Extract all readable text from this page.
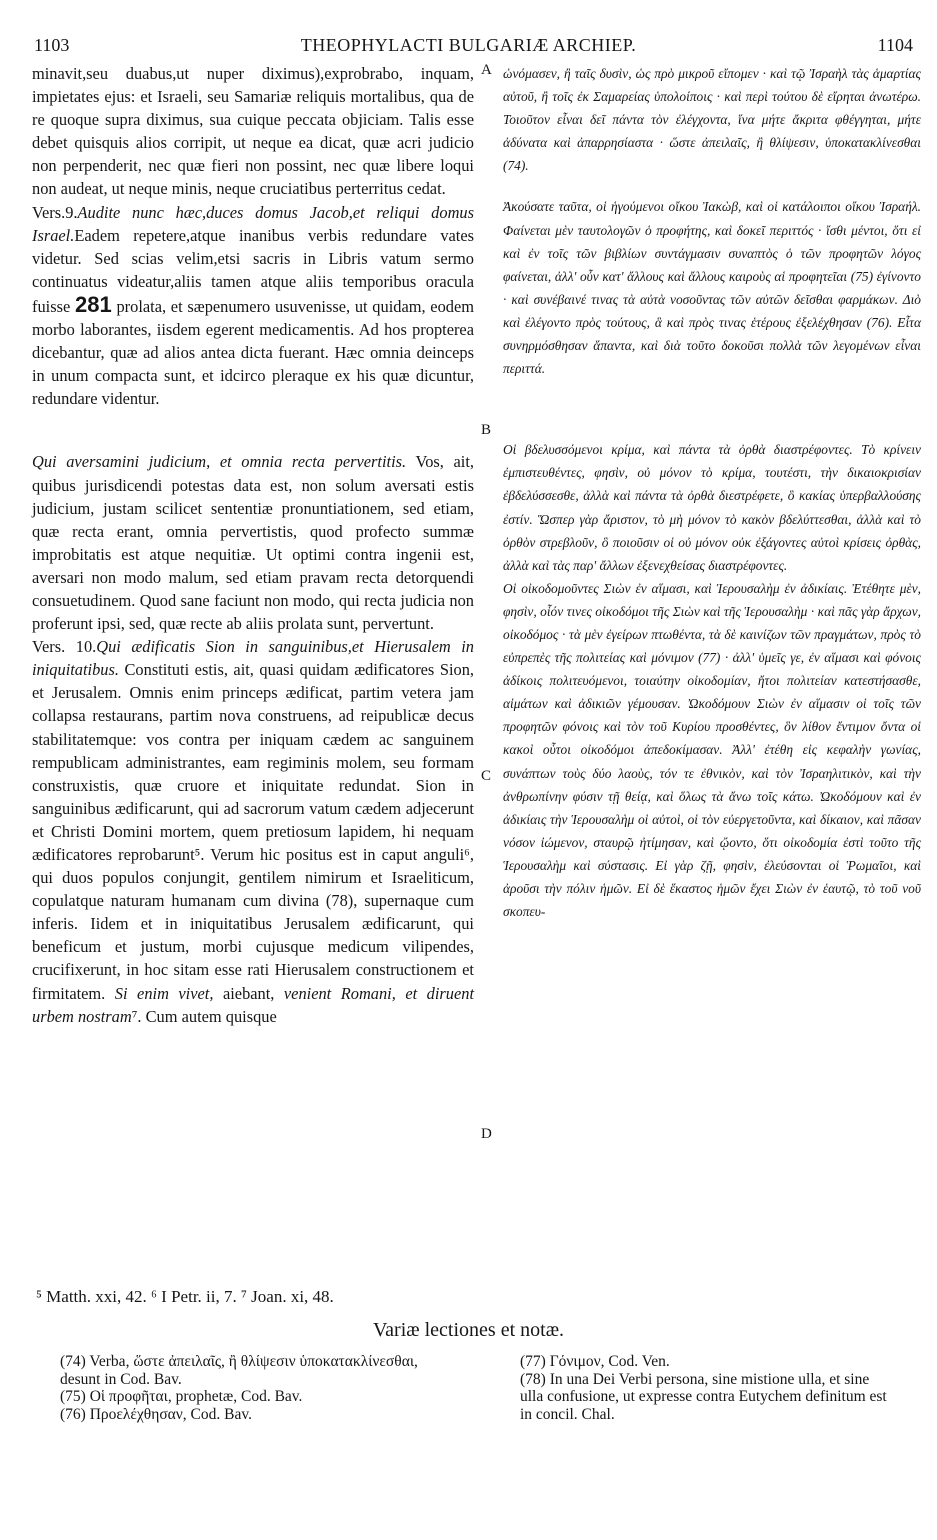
1103	THEOPHYLACTI BULGARIÆ ARCHIEP.	1104

minavit,seu duabus,ut nuper diximus),exprobrabo, inquam, impietates ejus: et Israeli, seu Samariæ reliquis mortalibus, qua de re quoque supra diximus, sua cuique peccata objiciam. Talis esse debet quisquis alios corripit, ut neque ea dicat, quæ acri judicio non perpenderit, nec quæ fieri non possint, nec quæ libere loqui non audeat, ut neque minis, neque cruciatibus perterritus cedat.

Vers.9.Audite nunc hæc,duces domus Jacob,et reliqui domus Israel.Eadem repetere,atque inanibus verbis redundare vates videtur. Sed scias velim,etsi sacris in Libris vatum sermo continuatus videatur,aliis tamen atque aliis temporibus oracula fuisse 281 prolata, et sæpenumero usuvenisse, ut quidam, eodem morbo laborantes, iisdem egerent medicamentis. Ad hos propterea dicebantur, quæ ad alios antea dicta fuerant. Hæc omnia deinceps in unum compacta sunt, et idcirco pleraque ex his quæ dicuntur, redundare videntur.

Qui aversamini judicium, et omnia recta pervertitis. Vos, ait, quibus jurisdicendi potestas data est, non solum aversati estis judicium, justam scilicet sententiæ pronuntiationem, sed etiam, quæ recta erant, omnia pervertistis, quod profecto summæ improbitatis est atque nequitiæ. Ut optimi contra ingenii est, aversari non modo malum, sed etiam pravam recta detorquendi consuetudinem. Quod sane faciunt non modo, qui recta judicia non proferunt ipsi, sed, quæ recte ab aliis prolata sunt, pervertunt.

Vers. 10.Qui ædificatis Sion in sanguinibus,et Hierusalem in iniquitatibus. Constituti estis, ait, quasi quidam ædificatores Sion, et Jerusalem. Omnis enim princeps ædificat, partim vetera jam collapsa restaurans, partim nova construens, ad reipublicæ decus stabilitatemque: vos contra per iniquam cædem ac sanguinem rempublicam administrantes, eam regiminis molem, seu formam construxistis, quæ cruore et iniquitate redundat. Sion in sanguinibus ædificarunt, qui ad sacrorum vatum cædem adjecerunt et Christi Domini mortem, quem pretiosum lapidem, hi nequam ædificatores reprobarunt⁵. Verum hic positus est in caput anguli⁶, qui duos populos conjungit, gentilem nimirum et Israeliticum, copulatque naturam humanam cum divina (78), supernaque cum inferis. Iidem et in iniquitatibus Jerusalem ædificarunt, qui beneficum et justum, morbi cujusque medicum vilipendes, crucifixerunt, in hoc sitam esse rati Hierusalem constructionem et firmitatem. Si enim vivet, aiebant, venient Romani, et diruent urbem nostram⁷. Cum autem quisque

ὠνόμασεν, ἢ ταῖς δυσὶν, ὡς πρὸ μικροῦ εἴπομεν · καὶ τῷ Ἰσραὴλ τὰς ἁμαρτίας αὐτοῦ, ἢ τοῖς ἐκ Σαμαρείας ὑπολοίποις · καὶ περὶ τούτου δὲ εἴρηται ἀνωτέρω. Τοιοῦτον εἶναι δεῖ πάντα τὸν ἐλέγχοντα, ἵνα μήτε ἄκριτα φθέγγηται, μήτε ἀδύνατα καὶ ἀπαρρησίαστα · ὥστε ἀπειλαῖς, ἢ θλίψεσιν, ὑποκατακλίνεσθαι (74).

Ἀκούσατε ταῦτα, οἱ ἡγούμενοι οἴκου Ἰακὼβ, καὶ οἱ κατάλοιποι οἴκου Ἰσραήλ. Φαίνεται μὲν ταυτολογῶν ὁ προφήτης, καὶ δοκεῖ περιττός · ἴσθι μέντοι, ὅτι εἰ καὶ ἐν τοῖς τῶν βιβλίων συντάγμασιν συναπτὸς ὁ τῶν προφητῶν λόγος φαίνεται, ἀλλ' οὖν κατ' ἄλλους καὶ ἄλλους καιροὺς αἱ προφητεῖαι (75) ἐγίνοντο · καὶ συνέβαινέ τινας τὰ αὐτὰ νοσοῦντας τῶν αὐτῶν δεῖσθαι φαρμάκων. Διὸ καὶ ἐλέγοντο πρὸς τούτους, ἃ καὶ πρὸς τινας ἑτέρους ἐξελέχθησαν (76). Εἶτα συνηρμόσθησαν ἅπαντα, καὶ διὰ τοῦτο δοκοῦσι πολλὰ τῶν λεγομένων εἶναι περιττά.

Οἱ βδελυσσόμενοι κρίμα, καὶ πάντα τὰ ὀρθὰ διαστρέφοντες. Τὸ κρίνειν ἐμπιστευθέντες, φησὶν, οὐ μόνον τὸ κρίμα, τουτέστι, τὴν δικαιοκρισίαν ἐβδελύσσεσθε, ἀλλὰ καὶ πάντα τὰ ὀρθὰ διεστρέφετε, ὃ κακίας ὑπερβαλλούσης ἐστίν. Ὥσπερ γὰρ ἄριστον, τὸ μὴ μόνον τὸ κακὸν βδελύττεσθαι, ἀλλὰ καὶ τὸ ὀρθὸν στρεβλοῦν, ὃ ποιοῦσιν οἱ οὐ μόνον οὐκ ἐξάγοντες αὐτοὶ κρίσεις ὀρθὰς, ἀλλὰ καὶ τὰς παρ' ἄλλων ἐξενεχθείσας διαστρέφοντες.

Οἱ οἰκοδομοῦντες Σιὼν ἐν αἵμασι, καὶ Ἱερουσαλὴμ ἐν ἀδικίαις. Ἐτέθητε μὲν, φησὶν, οἷόν τινες οἰκοδόμοι τῆς Σιὼν καὶ τῆς Ἱερουσαλὴμ · καὶ πᾶς γὰρ ἄρχων, οἰκοδόμος · τὰ μὲν ἐγείρων πτωθέντα, τὰ δὲ καινίζων τῶν πραγμάτων, πρὸς τὸ εὐπρεπὲς τῆς πολιτείας καὶ μόνιμον (77) · ἀλλ' ὑμεῖς γε, ἐν αἵμασι καὶ φόνοις ἀδίκοις πολιτευόμενοι, τοιαύτην οἰκοδομίαν, ἤτοι πολιτείαν κατεστήσασθε, αἱμάτων καὶ ἀδικιῶν γέμουσαν. Ὠκοδόμουν Σιὼν ἐν αἵμασιν οἱ τοῖς τῶν προφητῶν φόνοις καὶ τὸν τοῦ Κυρίου προσθέντες, ὃν λίθον ἔντιμον ὄντα οἱ κακοὶ οὗτοι οἰκοδόμοι ἀπεδοκίμασαν. Ἀλλ' ἐτέθη εἰς κεφαλὴν γωνίας, συνάπτων τοὺς δύο λαοὺς, τόν τε ἐθνικὸν, καὶ τὸν Ἰσραηλιτικὸν, καὶ τὴν ἀνθρωπίνην φύσιν τῇ θείᾳ, καὶ ὅλως τὰ ἄνω τοῖς κάτω. Ὠκοδόμουν καὶ ἐν ἀδικίαις τὴν Ἱερουσαλὴμ οἱ αὐτοὶ, οἱ τὸν εὐεργετοῦντα, καὶ δίκαιον, καὶ πᾶσαν νόσον ἰώμενον, σταυρῷ ἠτίμησαν, καὶ ᾤοντο, ὅτι οἰκοδομία ἐστὶ τοῦτο τῆς Ἱερουσαλὴμ καὶ σύστασις. Εἰ γὰρ ζῇ, φησὶν, ἐλεύσονται οἱ Ῥωμαῖοι, καὶ ἀροῦσι τὴν πόλιν ἡμῶν. Εἰ δὲ ἕκαστος ἡμῶν ἔχει Σιὼν ἐν ἑαυτῷ, τὸ τοῦ νοῦ σκοπευ-

A
B
C
D
⁵ Matth. xxi, 42. ⁶ I Petr. ii, 7. ⁷ Joan. xi, 48.
Variæ lectiones et notæ.

(74) Verba, ὥστε ἀπειλαῖς, ἢ θλίψεσιν ὑποκατακλίνεσθαι, desunt in Cod. Bav.

(75) Οἱ προφῆται, prophetæ, Cod. Bav.

(76) Προελέχθησαν, Cod. Bav.

(77) Γόνιμον, Cod. Ven.

(78) In una Dei Verbi persona, sine mistione ulla, et sine ulla confusione, ut expresse contra Eutychem definitum est in concil. Chal.
